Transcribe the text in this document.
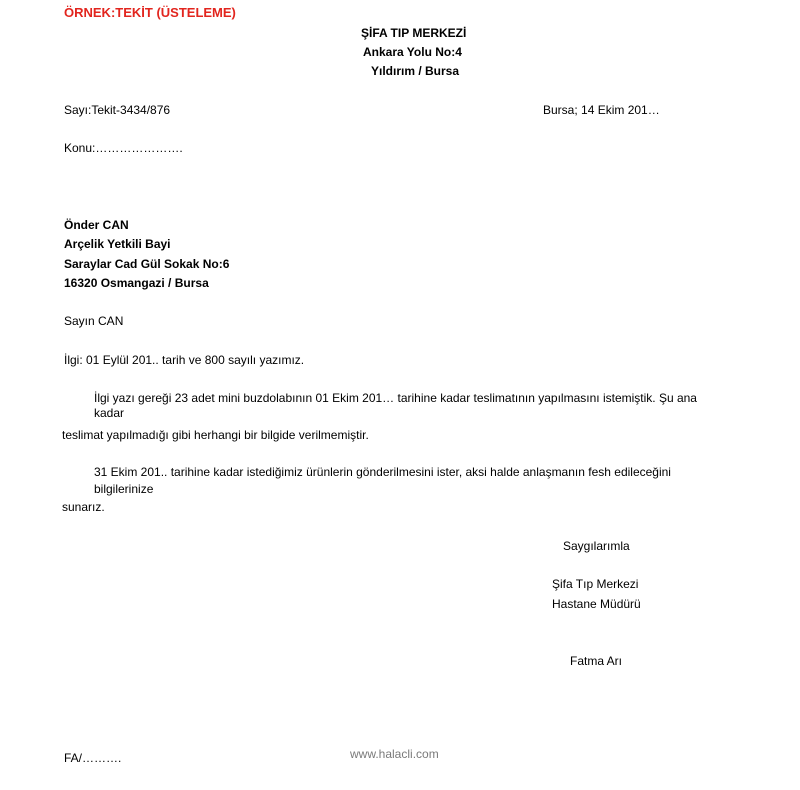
ÖRNEK:TEKİT (ÜSTELEME)
ŞİFA TIP MERKEZİ
Ankara Yolu No:4
Yıldırım / Bursa
Sayı:Tekit-3434/876	Bursa; 14 Ekim 201…
Konu:………………….
Önder CAN
Arçelik Yetkili Bayi
Saraylar Cad Gül Sokak No:6
16320 Osmangazi / Bursa
Sayın CAN
İlgi: 01 Eylül 201.. tarih ve 800 sayılı yazımız.
İlgi yazı gereği 23 adet mini buzdolabının 01 Ekim 201… tarihine kadar teslimatının yapılmasını istemiştik. Şu ana
kadar
teslimat yapılmadığı gibi herhangi bir bilgide verilmemiştir.
31 Ekim 201.. tarihine kadar istediğimiz ürünlerin gönderilmesini ister, aksi halde anlaşmanın fesh edileceğini
bilgilerinize
sunarız.
Saygılarımla
Şifa Tıp Merkezi
Hastane Müdürü
Fatma Arı
www.halacli.com
FA/……….
